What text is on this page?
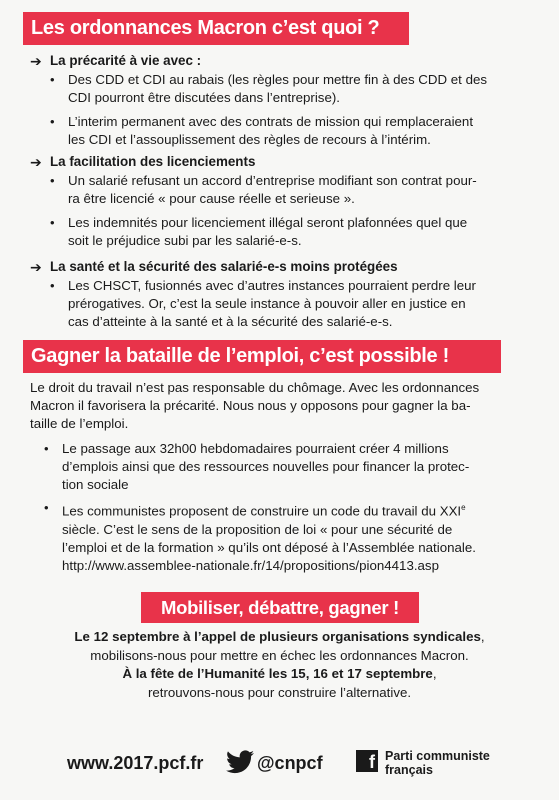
Les ordonnances Macron c’est quoi ?
➔ La précarité à vie avec :
• Des CDD et CDI au rabais (les règles pour mettre fin à des CDD et des
CDI pourront être discutées dans l’entreprise).
• L’interim permanent avec des contrats de mission qui remplaceraient
les CDI et l’assouplissement des règles de recours à l’intérim.
➔ La facilitation des licenciements
• Un salarié refusant un accord d’entreprise modifiant son contrat pour-
ra être licencié « pour cause réelle et serieuse ».
• Les indemnités pour licenciement illégal seront plafonnées quel que
soit le préjudice subi par les salarié-e-s.
➔ La santé et la sécurité des salarié-e-s moins protégées
• Les CHSCT, fusionnés avec d’autres instances pourraient perdre leur
prérogatives. Or, c’est la seule instance à pouvoir aller en justice en
cas d’atteinte à la santé et à la sécurité des salarié-e-s.
Gagner la bataille de l’emploi, c’est possible !
Le droit du travail n’est pas responsable du chômage. Avec les ordonnances
Macron il favorisera la précarité. Nous nous y opposons pour gagner la ba-
taille de l’emploi.
• Le passage aux 32h00 hebdomadaires pourraient créer 4 millions
d’emplois ainsi que des ressources nouvelles pour financer la protec-
tion sociale
• Les communistes proposent de construire un code du travail du XXIe
siècle. C’est le sens de la proposition de loi « pour une sécurité de
l’emploi et de la formation » qu’ils ont déposé à l’Assemblée nationale.
http://www.assemblee-nationale.fr/14/propositions/pion4413.asp
Mobiliser, débattre, gagner !
Le 12 septembre à l’appel de plusieurs organisations syndicales,
mobilisons-nous pour mettre en échec les ordonnances Macron.
À la fête de l’Humanité les 15, 16 et 17 septembre,
retrouvons-nous pour construire l’alternative.
www.2017.pcf.fr	@cnpcf	f Parti communiste
français
